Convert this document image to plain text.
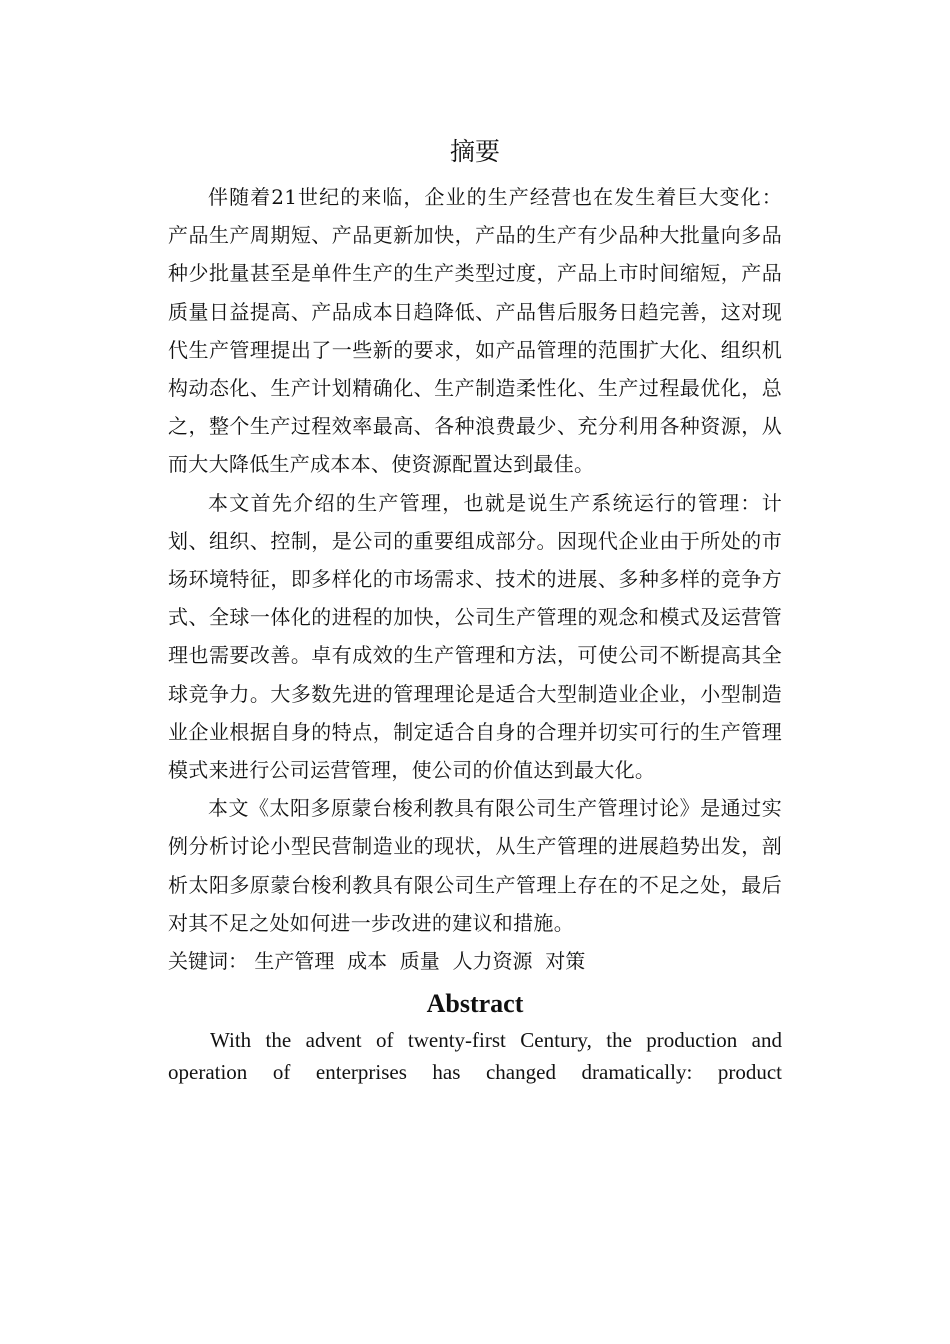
摘要

伴随着21世纪的来临，企业的生产经营也在发生着巨大变化：产品生产周期短、产品更新加快，产品的生产有少品种大批量向多品种少批量甚至是单件生产的生产类型过度，产品上市时间缩短，产品质量日益提高、产品成本日趋降低、产品售后服务日趋完善，这对现代生产管理提出了一些新的要求，如产品管理的范围扩大化、组织机构动态化、生产计划精确化、生产制造柔性化、生产过程最优化，总之，整个生产过程效率最高、各种浪费最少、充分利用各种资源，从而大大降低生产成本本、使资源配置达到最佳。

本文首先介绍的生产管理，也就是说生产系统运行的管理：计划、组织、控制，是公司的重要组成部分。因现代企业由于所处的市场环境特征，即多样化的市场需求、技术的进展、多种多样的竞争方式、全球一体化的进程的加快，公司生产管理的观念和模式及运营管理也需要改善。卓有成效的生产管理和方法，可使公司不断提高其全球竞争力。大多数先进的管理理论是适合大型制造业企业，小型制造业企业根据自身的特点，制定适合自身的合理并切实可行的生产管理模式来进行公司运营管理，使公司的价值达到最大化。

本文《太阳多原蒙台梭利教具有限公司生产管理讨论》是通过实例分析讨论小型民营制造业的现状，从生产管理的进展趋势出发，剖析太阳多原蒙台梭利教具有限公司生产管理上存在的不足之处，最后对其不足之处如何进一步改进的建议和措施。

关键词： 生产管理  成本  质量  人力资源  对策

Abstract

With the advent of twenty-first Century, the production and operation of enterprises has changed dramatically: product
